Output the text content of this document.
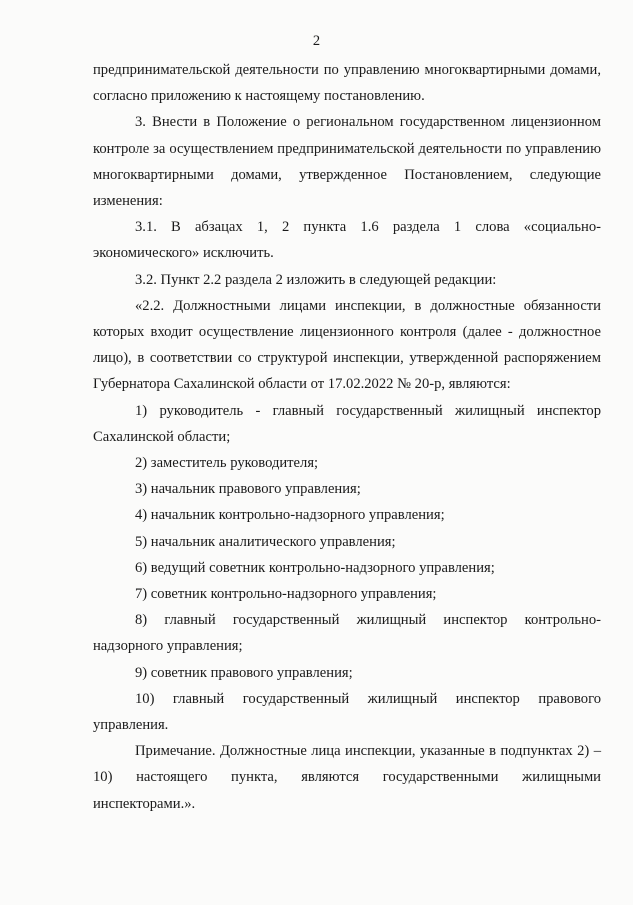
2

предпринимательской деятельности по управлению многоквартирными домами, согласно приложению к настоящему постановлению.

3. Внести в Положение о региональном государственном лицензионном контроле за осуществлением предпринимательской деятельности по управлению многоквартирными домами, утвержденное Постановлением, следующие изменения:

3.1. В абзацах 1, 2 пункта 1.6 раздела 1 слова «социально-экономического» исключить.

3.2. Пункт 2.2 раздела 2 изложить в следующей редакции:

«2.2. Должностными лицами инспекции, в должностные обязанности которых входит осуществление лицензионного контроля (далее - должностное лицо), в соответствии со структурой инспекции, утвержденной распоряжением Губернатора Сахалинской области от 17.02.2022 № 20-р, являются:

1) руководитель - главный государственный жилищный инспектор Сахалинской области;

2) заместитель руководителя;

3) начальник правового управления;

4) начальник контрольно-надзорного управления;

5) начальник аналитического управления;

6) ведущий советник контрольно-надзорного управления;

7) советник контрольно-надзорного управления;

8) главный государственный жилищный инспектор контрольно-надзорного управления;

9) советник правового управления;

10) главный государственный жилищный инспектор правового управления.

Примечание. Должностные лица инспекции, указанные в подпунктах 2) – 10) настоящего пункта, являются государственными жилищными инспекторами.».
